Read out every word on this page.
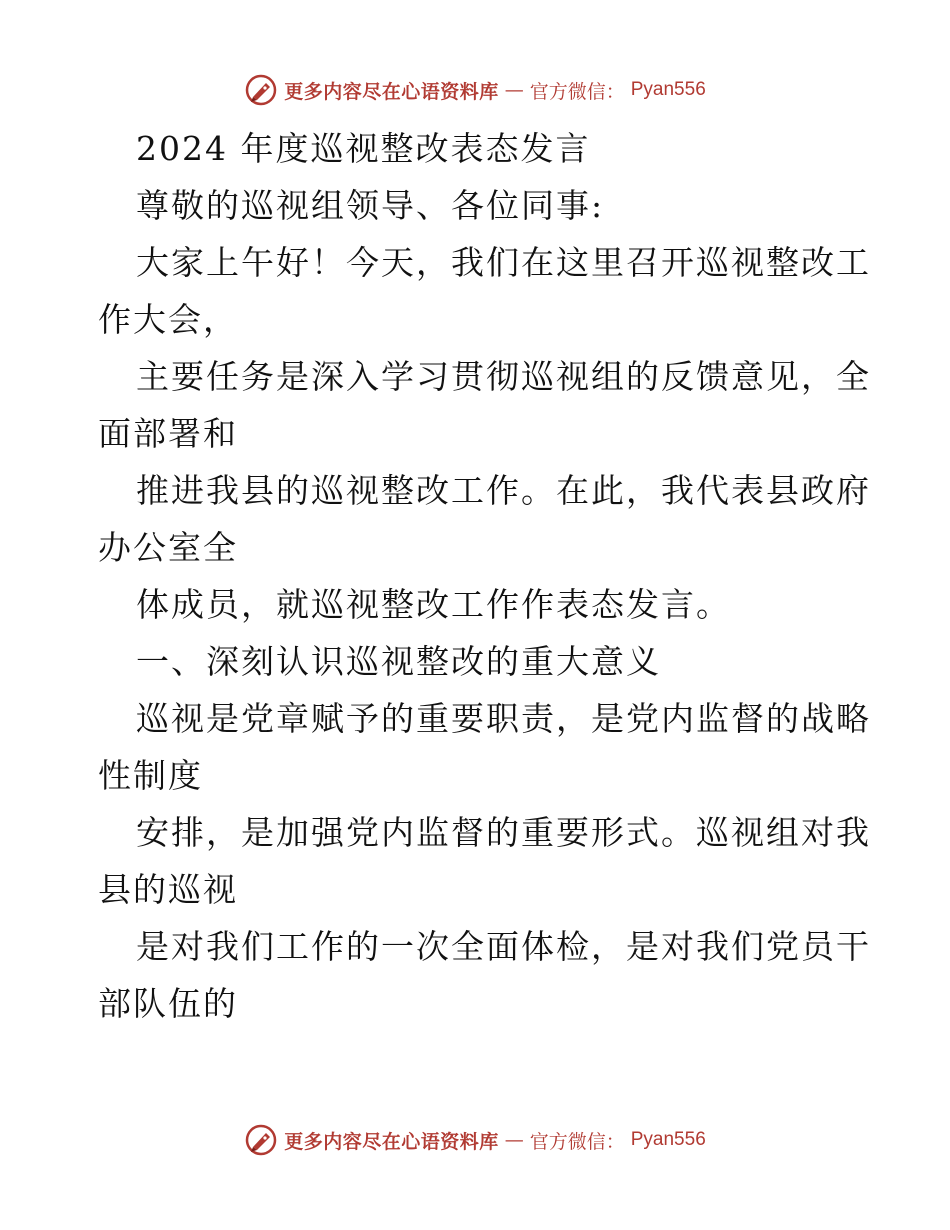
更多内容尽在心语资料库 — 官方微信： Pyan556
2024 年度巡视整改表态发言
尊敬的巡视组领导、各位同事:
大家上午好！今天，我们在这里召开巡视整改工
作大会，
主要任务是深入学习贯彻巡视组的反馈意见，全
面部署和
推进我县的巡视整改工作。在此，我代表县政府
办公室全
体成员，就巡视整改工作作表态发言。
一、深刻认识巡视整改的重大意义
巡视是党章赋予的重要职责，是党内监督的战略
性制度
安排，是加强党内监督的重要形式。巡视组对我
县的巡视
是对我们工作的一次全面体检，是对我们党员干
部队伍的
更多内容尽在心语资料库 — 官方微信： Pyan556
